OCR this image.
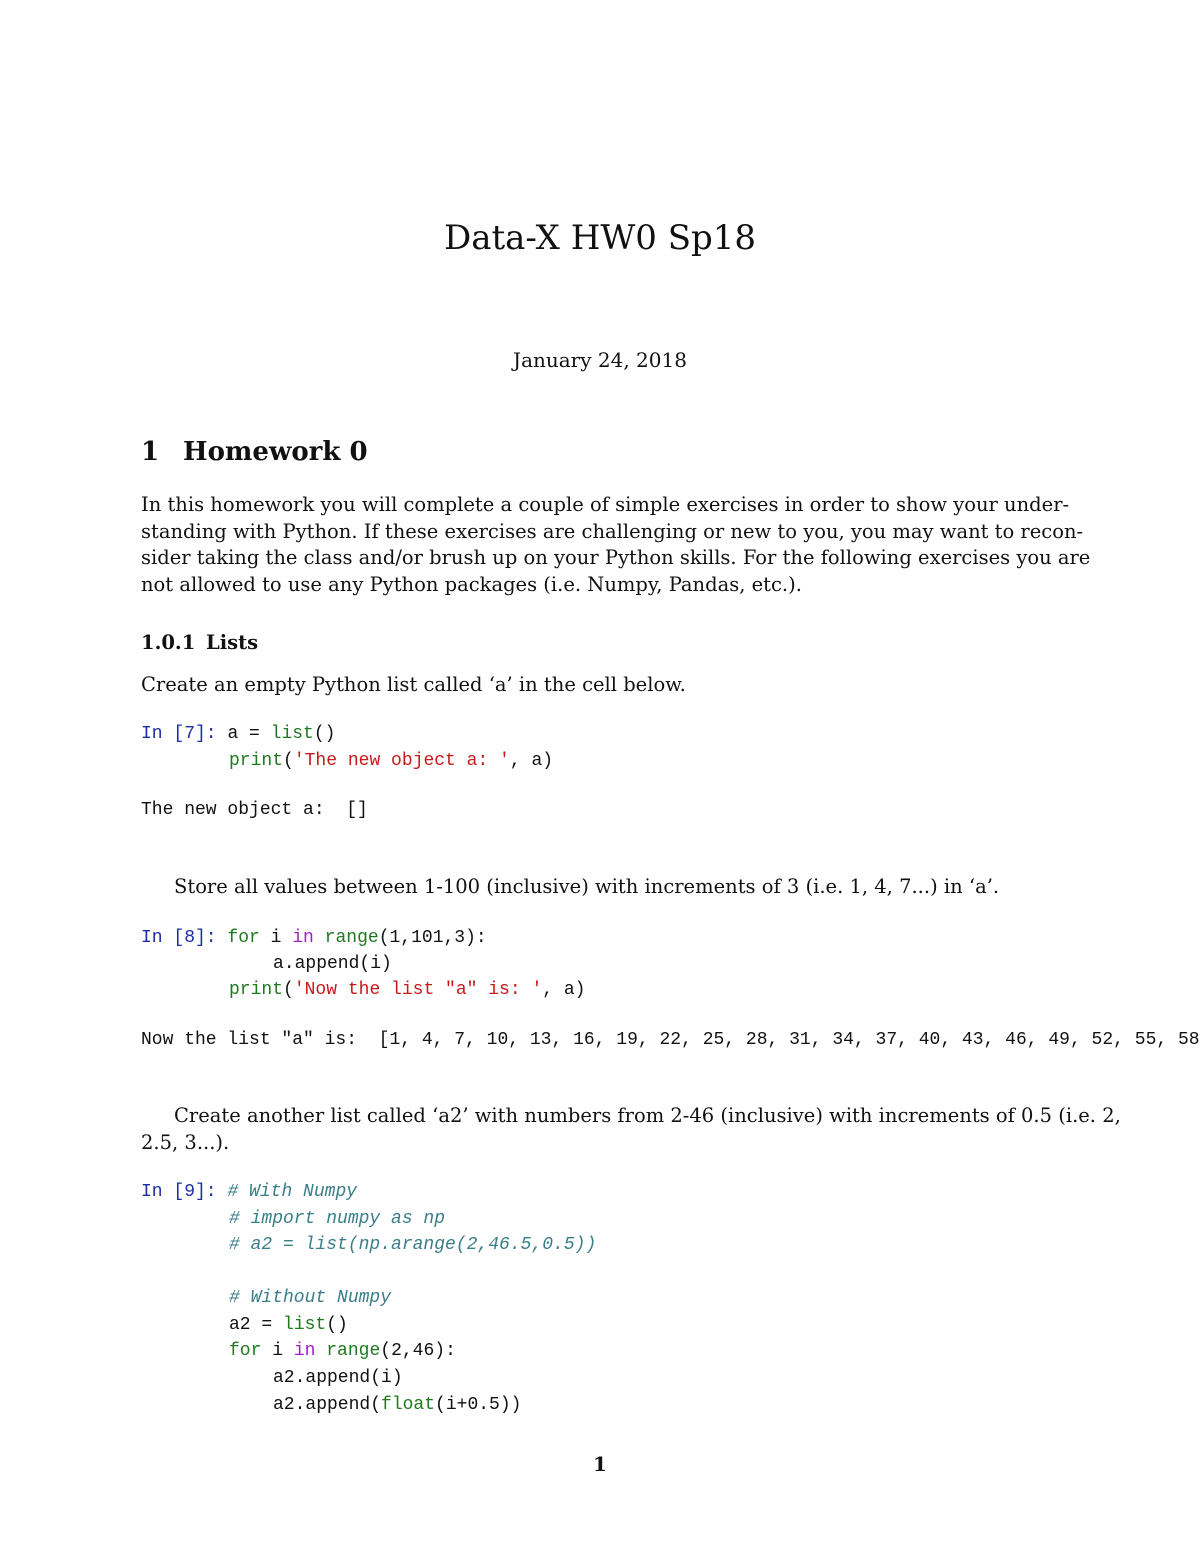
Data-X HW0 Sp18
January 24, 2018
1 Homework 0
In this homework you will complete a couple of simple exercises in order to show your under-
standing with Python. If these exercises are challenging or new to you, you may want to recon-
sider taking the class and/or brush up on your Python skills. For the following exercises you are
not allowed to use any Python packages (i.e. Numpy, Pandas, etc.).
1.0.1 Lists
Create an empty Python list called ‘a’ in the cell below.
In [7]: a = list()
print('The new object a: ', a)
The new object a:  []
Store all values between 1-100 (inclusive) with increments of 3 (i.e. 1, 4, 7...) in ‘a’.
In [8]: for i in range(1,101,3):
a.append(i)
print('Now the list "a" is: ', a)
Now the list "a" is:  [1, 4, 7, 10, 13, 16, 19, 22, 25, 28, 31, 34, 37, 40, 43, 46, 49, 52, 55, 58
Create another list called ‘a2’ with numbers from 2-46 (inclusive) with increments of 0.5 (i.e. 2,
2.5, 3...).
In [9]: # With Numpy
# import numpy as np
# a2 = list(np.arange(2,46.5,0.5))
# Without Numpy
a2 = list()
for i in range(2,46):
a2.append(i)
a2.append(float(i+0.5))
1
